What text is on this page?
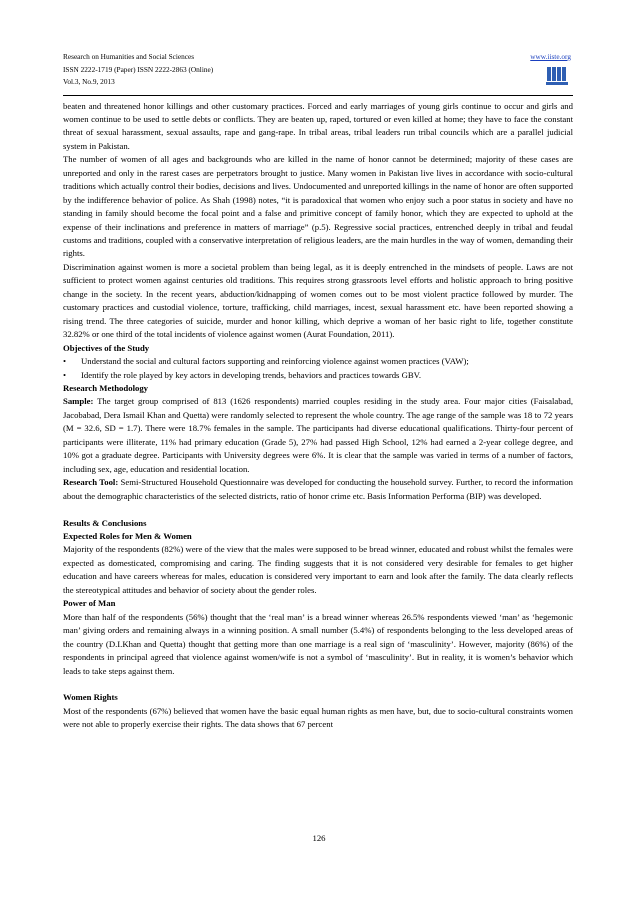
Research on Humanities and Social Sciences
ISSN 2222-1719 (Paper) ISSN 2222-2863 (Online)
Vol.3, No.9, 2013
www.iiste.org

beaten and threatened honor killings and other customary practices. Forced and early marriages of young girls continue to occur and girls and women continue to be used to settle debts or conflicts. They are beaten up, raped, tortured or even killed at home; they have to face the constant threat of sexual harassment, sexual assaults, rape and gang-rape. In tribal areas, tribal leaders run tribal councils which are a parallel judicial system in Pakistan.

The number of women of all ages and backgrounds who are killed in the name of honor cannot be determined; majority of these cases are unreported and only in the rarest cases are perpetrators brought to justice. Many women in Pakistan live lives in accordance with socio-cultural traditions which actually control their bodies, decisions and lives. Undocumented and unreported killings in the name of honor are often supported by the indifference behavior of police. As Shah (1998) notes, “it is paradoxical that women who enjoy such a poor status in society and have no standing in family should become the focal point and a false and primitive concept of family honor, which they are expected to uphold at the expense of their inclinations and preference in matters of marriage” (p.5). Regressive social practices, entrenched deeply in tribal and feudal customs and traditions, coupled with a conservative interpretation of religious leaders, are the main hurdles in the way of women, demanding their rights.

Discrimination against women is more a societal problem than being legal, as it is deeply entrenched in the mindsets of people. Laws are not sufficient to protect women against centuries old traditions. This requires strong grassroots level efforts and holistic approach to bring positive change in the society. In the recent years, abduction/kidnapping of women comes out to be most violent practice followed by murder. The customary practices and custodial violence, torture, trafficking, child marriages, incest, sexual harassment etc. have been reported showing a rising trend. The three categories of suicide, murder and honor killing, which deprive a woman of her basic right to life, together constitute 32.82% or one third of the total incidents of violence against women (Aurat Foundation, 2011).

Objectives of the Study

•	Understand the social and cultural factors supporting and reinforcing violence against women practices (VAW);
•	Identify the role played by key actors in developing trends, behaviors and practices towards GBV.

Research Methodology

Sample: The target group comprised of 813 (1626 respondents) married couples residing in the study area. Four major cities (Faisalabad, Jacobabad, Dera Ismail Khan and Quetta) were randomly selected to represent the whole country. The age range of the sample was 18 to 72 years (M = 32.6, SD = 1.7). There were 18.7% females in the sample. The participants had diverse educational qualifications. Thirty-four percent of participants were illiterate, 11% had primary education (Grade 5), 27% had passed High School, 12% had earned a 2-year college degree, and 10% got a graduate degree. Participants with University degrees were 6%. It is clear that the sample was varied in terms of a number of factors, including sex, age, education and residential location.

Research Tool: Semi-Structured Household Questionnaire was developed for conducting the household survey. Further, to record the information about the demographic characteristics of the selected districts, ratio of honor crime etc. Basis Information Performa (BIP) was developed.

Results & Conclusions

Expected Roles for Men & Women

Majority of the respondents (82%) were of the view that the males were supposed to be bread winner, educated and robust whilst the females were expected as domesticated, compromising and caring. The finding suggests that it is not considered very desirable for females to get higher education and have careers whereas for males, education is considered very important to earn and look after the family. The data clearly reflects the stereotypical attitudes and behavior of society about the gender roles.

Power of Man

More than half of the respondents (56%) thought that the ‘real man’ is a bread winner whereas 26.5% respondents viewed ‘man’ as ‘hegemonic man’ giving orders and remaining always in a winning position. A small number (5.4%) of respondents belonging to the less developed areas of the country (D.I.Khan and Quetta) thought that getting more than one marriage is a real sign of ‘masculinity’. However, majority (86%) of the respondents in principal agreed that violence against women/wife is not a symbol of ‘masculinity’. But in reality, it is women’s behavior which leads to take steps against them.

Women Rights

Most of the respondents (67%) believed that women have the basic equal human rights as men have, but, due to socio-cultural constraints women were not able to properly exercise their rights. The data shows that 67 percent

126
